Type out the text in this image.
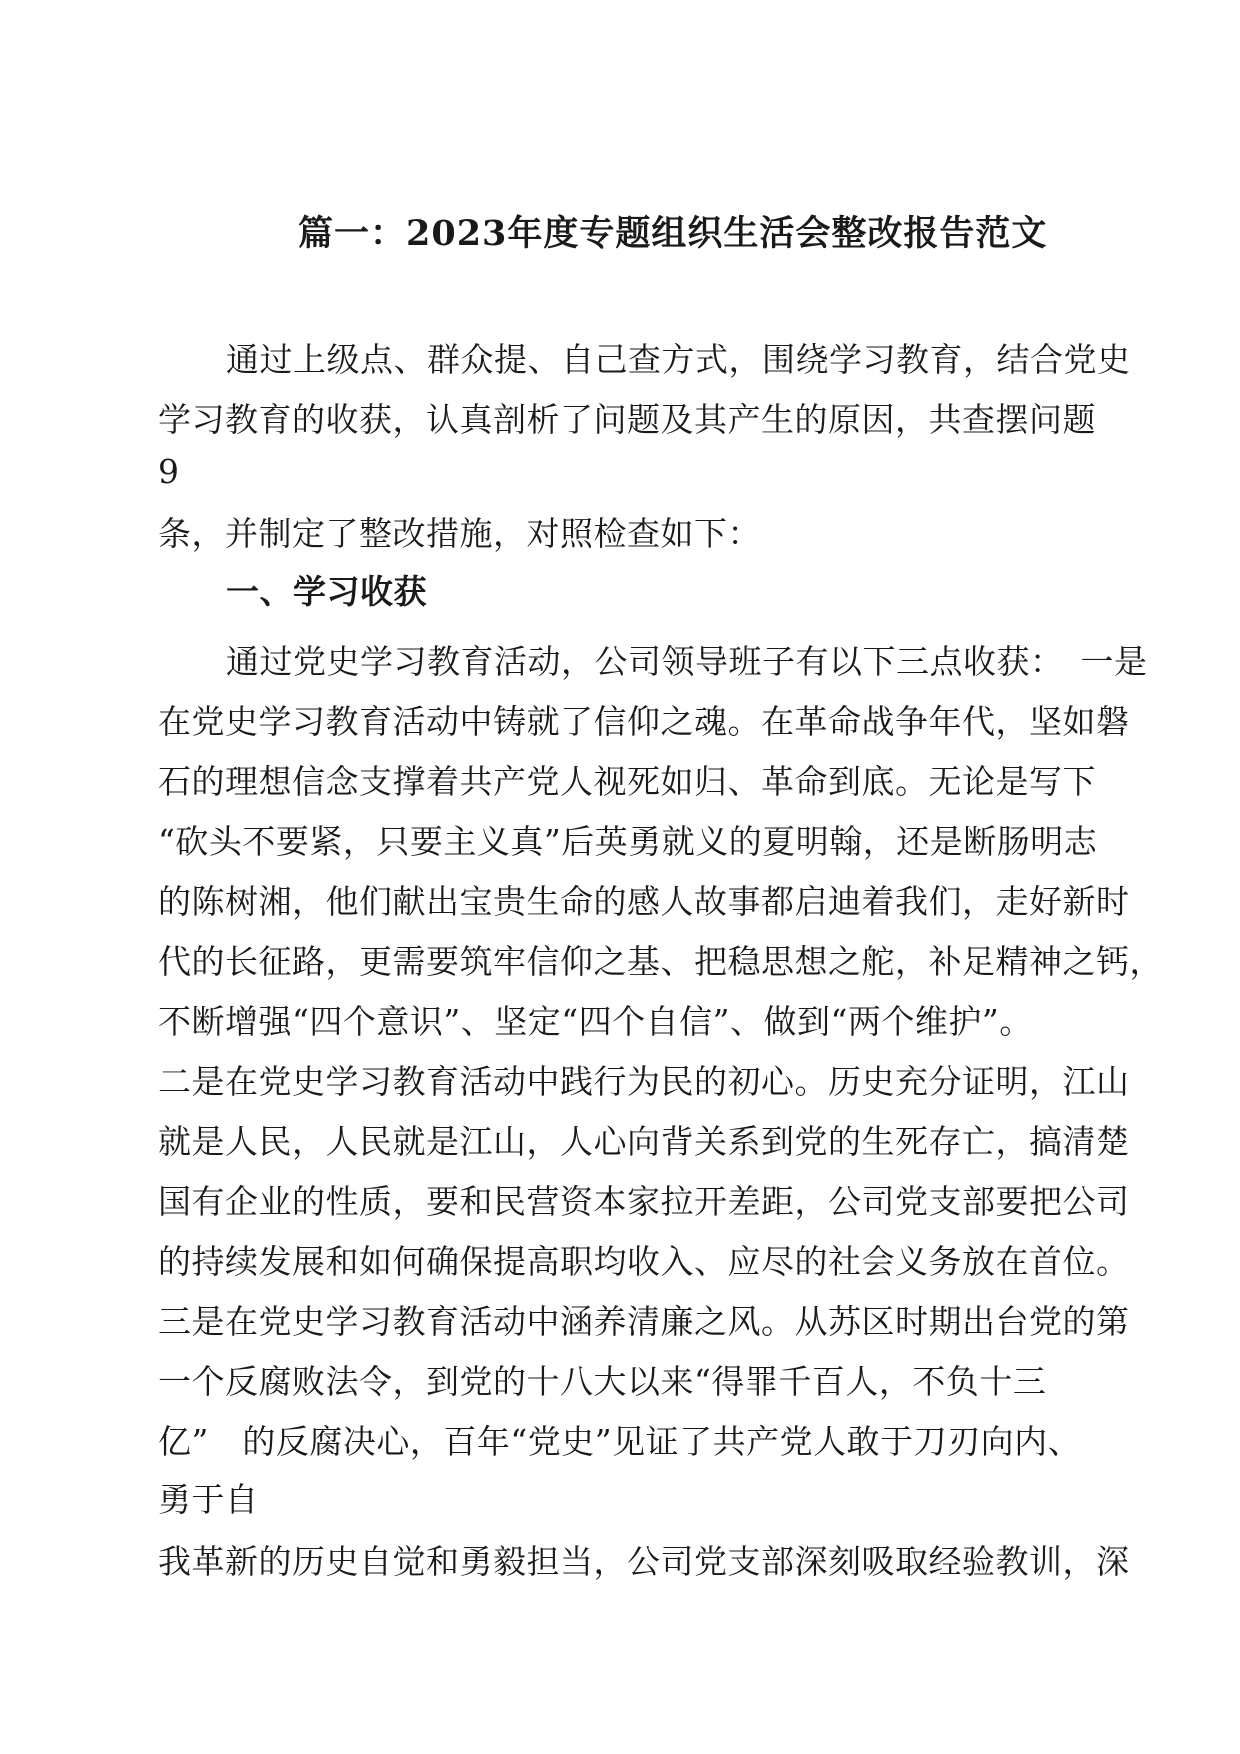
篇一：2023年度专题组织生活会整改报告范文
通过上级点、群众提、自己查方式，围绕学习教育，结合党史
学习教育的收获，认真剖析了问题及其产生的原因，共查摆问题
9
条，并制定了整改措施，对照检查如下：
一、学习收获
通过党史学习教育活动，公司领导班子有以下三点收获：　一是
在党史学习教育活动中铸就了信仰之魂。在革命战争年代，坚如磐
石的理想信念支撑着共产党人视死如归、革命到底。无论是写下
“砍头不要紧，只要主义真”后英勇就义的夏明翰，还是断肠明志
的陈树湘，他们献出宝贵生命的感人故事都启迪着我们，走好新时
代的长征路，更需要筑牢信仰之基、把稳思想之舵，补足精神之钙，
不断增强“四个意识”、坚定“四个自信”、做到“两个维护”。
二是在党史学习教育活动中践行为民的初心。历史充分证明，江山
就是人民，人民就是江山，人心向背关系到党的生死存亡，搞清楚
国有企业的性质，要和民营资本家拉开差距，公司党支部要把公司
的持续发展和如何确保提高职均收入、应尽的社会义务放在首位。
三是在党史学习教育活动中涵养清廉之风。从苏区时期出台党的第
一个反腐败法令，到党的十八大以来“得罪千百人，不负十三
亿”　的反腐决心，百年“党史”见证了共产党人敢于刀刃向内、
勇于自
我革新的历史自觉和勇毅担当，公司党支部深刻吸取经验教训，深
